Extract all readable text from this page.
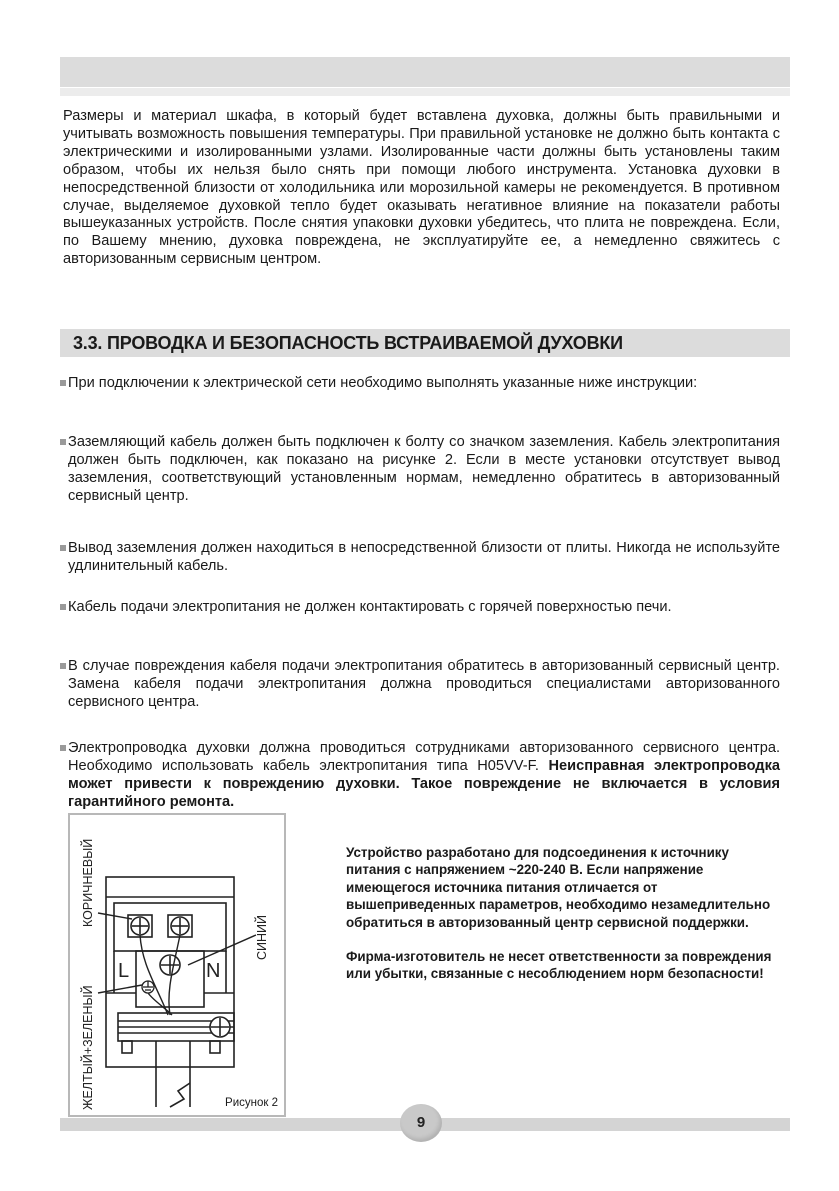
Размеры и материал шкафа, в который будет вставлена духовка, должны быть правильными и учитывать возможность повышения температуры. При правильной установке не должно быть контакта с электрическими и изолированными узлами. Изолированные части должны быть установлены таким образом, чтобы их нельзя было снять при помощи любого инструмента. Установка духовки в непосредственной близости от холодильника или морозильной камеры не рекомендуется. В противном случае, выделяемое духовкой тепло будет оказывать негативное влияние на показатели работы вышеуказанных устройств. После снятия упаковки духовки убедитесь, что плита не повреждена. Если, по Вашему мнению, духовка повреждена, не эксплуатируйте ее, а немедленно свяжитесь с авторизованным сервисным центром.

3.3. ПРОВОДКА И БЕЗОПАСНОСТЬ ВСТРАИВАЕМОЙ ДУХОВКИ
При подключении к электрической сети необходимо выполнять указанные ниже инструкции:
Заземляющий кабель должен быть подключен к болту со значком заземления. Кабель электропитания должен быть подключен, как показано на рисунке 2. Если в месте установки отсутствует вывод заземления, соответствующий установленным нормам, немедленно обратитесь в авторизованный сервисный центр.
Вывод заземления должен находиться в непосредственной близости от плиты. Никогда не используйте удлинительный кабель.
Кабель подачи электропитания не должен контактировать с горячей поверхностью печи.
В случае повреждения кабеля подачи электропитания обратитесь в авторизованный сервисный центр. Замена кабеля подачи электропитания должна проводиться специалистами авторизованного сервисного центра.
Электропроводка духовки должна проводиться сотрудниками авторизованного сервисного центра. Необходимо использовать кабель электропитания типа H05VV-F. Неисправная электропроводка может привести к повреждению духовки. Такое повреждение не включается в условия гарантийного ремонта.
КОРИЧНЕВЫЙ
ЖЕЛТЫЙ+ЗЕЛЕНЫЙ
СИНИЙ
L	N
Рисунок 2

Устройство разработано для подсоединения к источнику питания с напряжением ~220-240 В. Если напряжение имеющегося источника питания отличается от вышеприведенных параметров, необходимо незамедлительно обратиться в авторизованный центр сервисной поддержки.

Фирма-изготовитель не несет ответственности за повреждения или убытки, связанные с несоблюдением норм безопасности!

9
